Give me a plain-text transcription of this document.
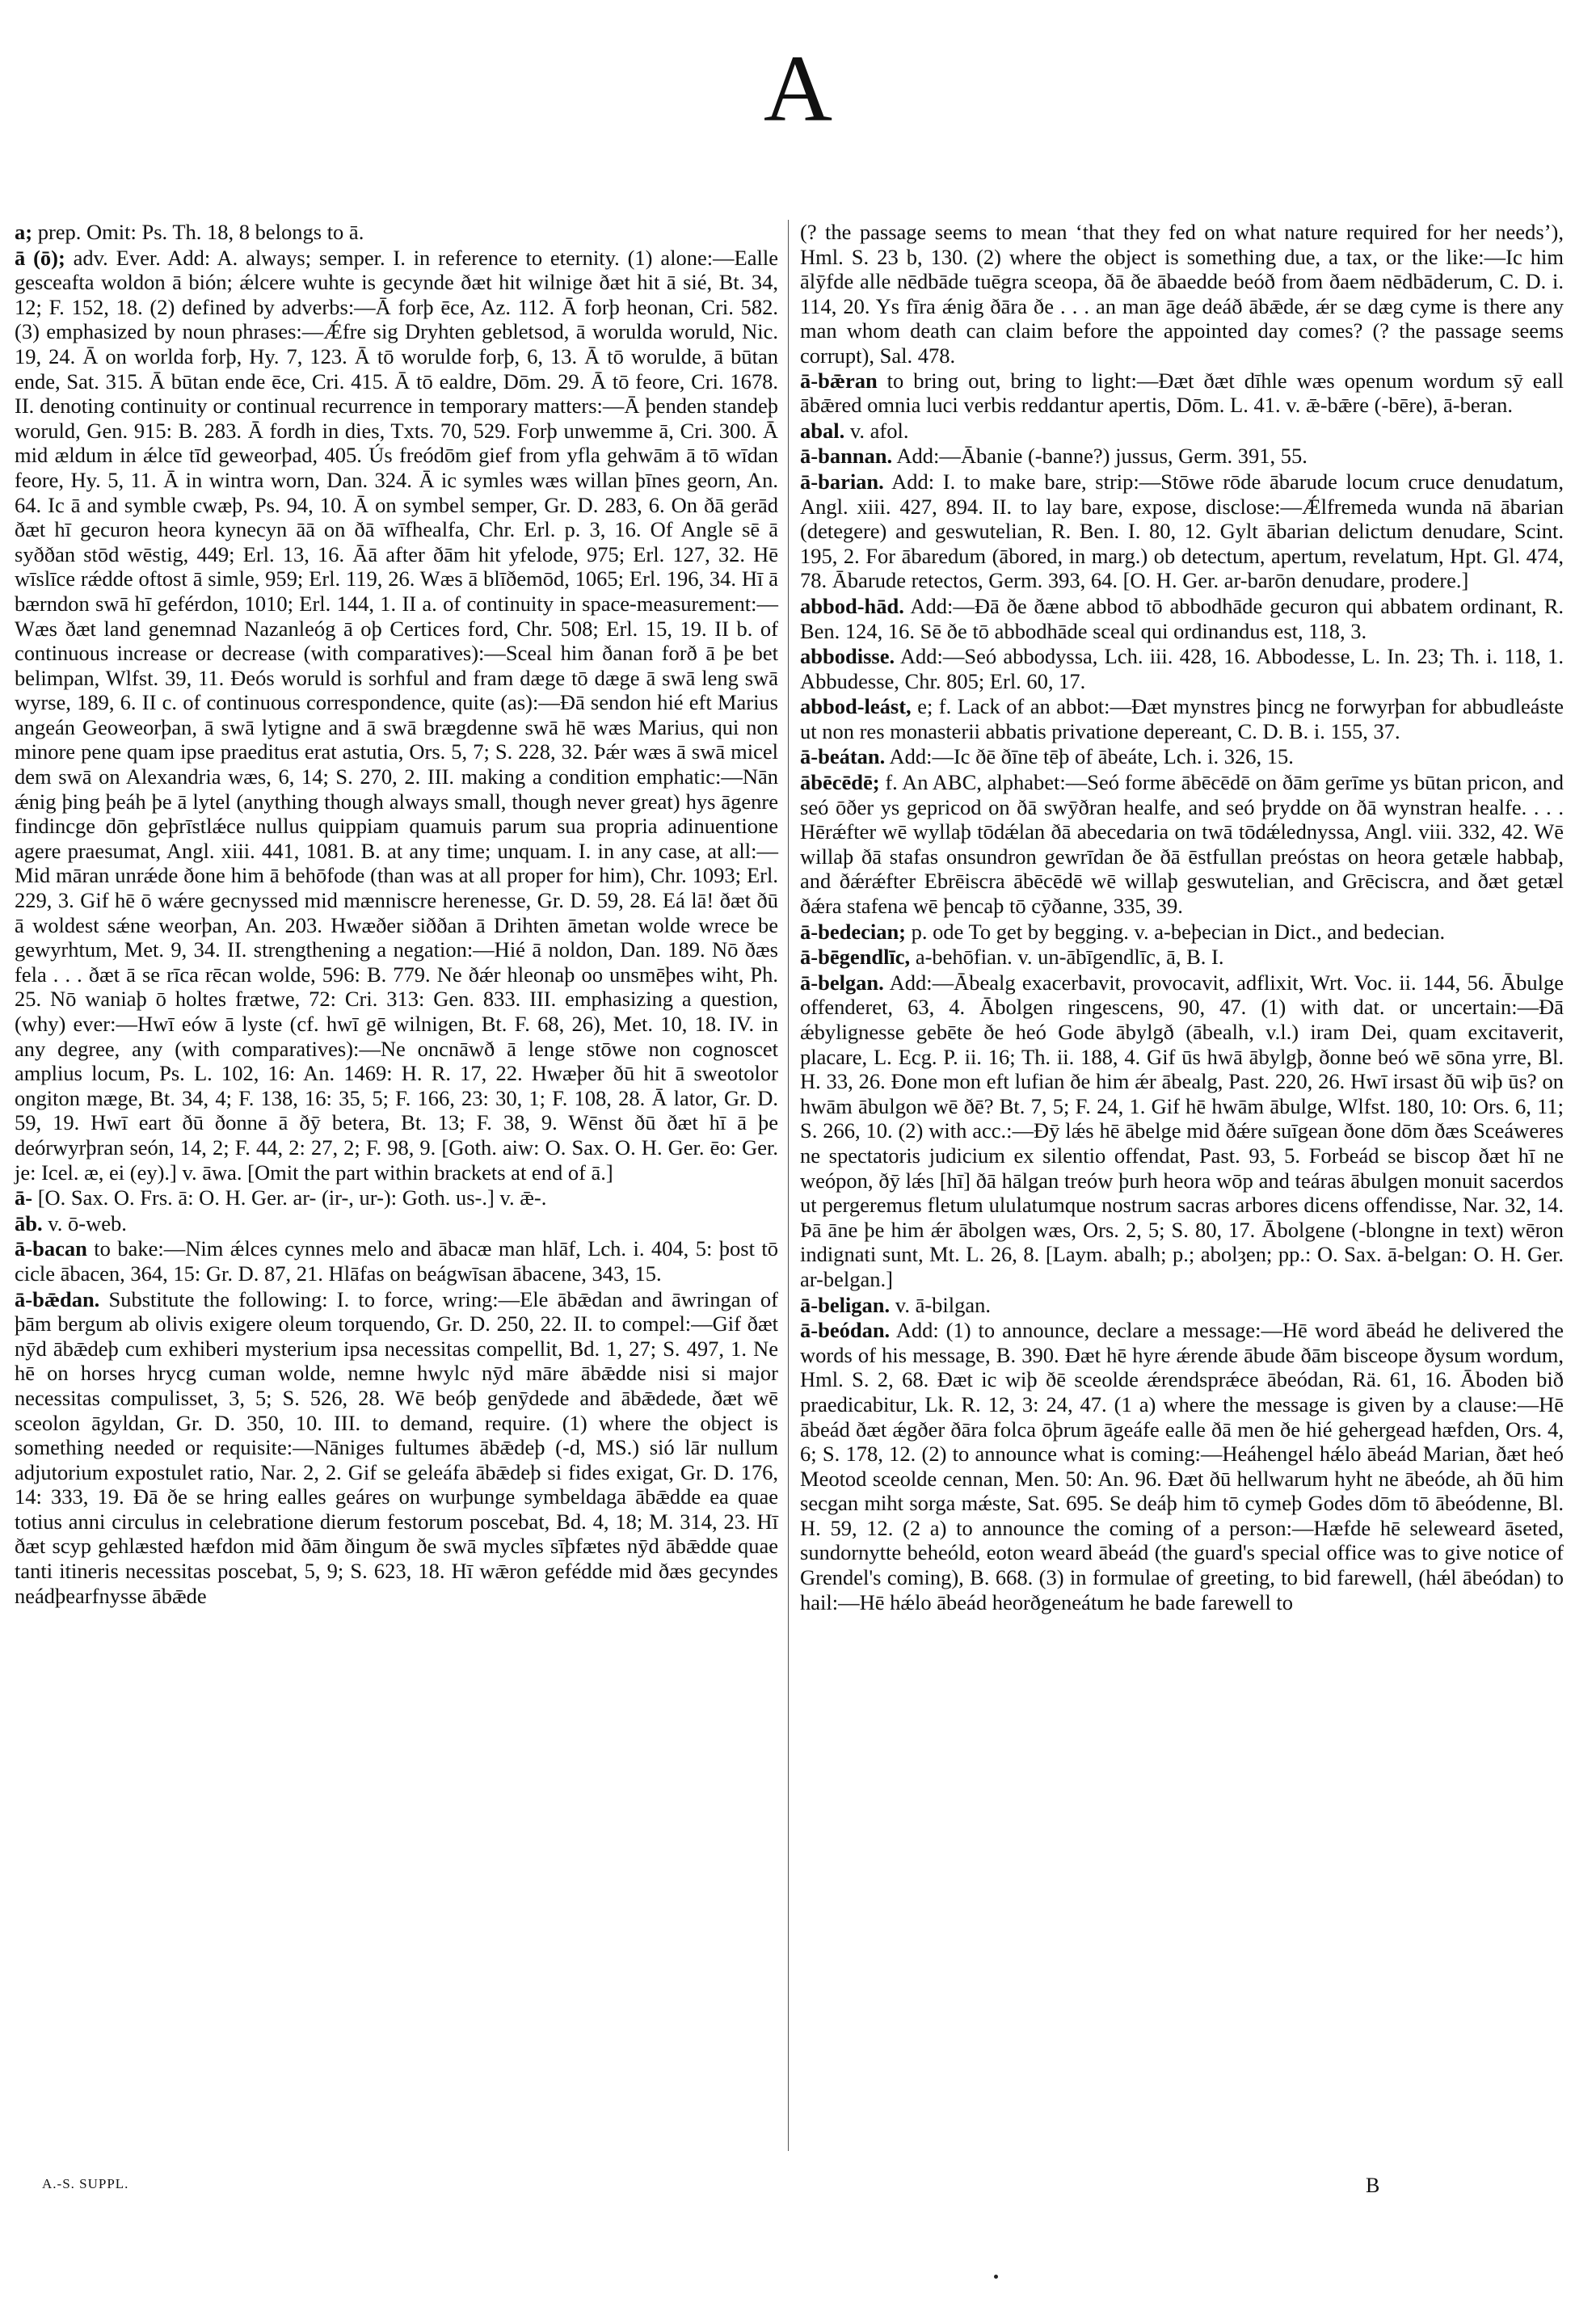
A

a; prep. Omit: Ps. Th. 18, 8 belongs to ā.

ā (ō); adv. Ever. Add: A. always; semper. I. in reference to eternity. (1) alone:—Ealle gesceafta woldon ā bión; ǽlcere wuhte is gecynde ðæt hit wilnige ðæt hit ā sié, Bt. 34, 12; F. 152, 18. (2) defined by adverbs:—Ā forþ ēce, Az. 112. Ā forþ heonan, Cri. 582. (3) emphasized by noun phrases:—Ǽfre sig Dryhten gebletsod, ā worulda woruld, Nic. 19, 24. Ā on worlda forþ, Hy. 7, 123. Ā tō worulde forþ, 6, 13. Ā tō worulde, ā būtan ende, Sat. 315. Ā būtan ende ēce, Cri. 415. Ā tō ealdre, Dōm. 29. Ā tō feore, Cri. 1678. II. denoting continuity or continual recurrence in temporary matters:—Ā þenden standeþ woruld, Gen. 915: B. 283. Ā fordh in dies, Txts. 70, 529. Forþ unwemme ā, Cri. 300. Ā mid ældum in ǽlce tīd geweorþad, 405. Ús freódōm gief from yfla gehwām ā tō wīdan feore, Hy. 5, 11. Ā in wintra worn, Dan. 324. Ā ic symles wæs willan þīnes georn, An. 64. Ic ā and symble cwæþ, Ps. 94, 10. Ā on symbel semper, Gr. D. 283, 6. On ðā gerād ðæt hī gecuron heora kynecyn āā on ðā wīfhealfa, Chr. Erl. p. 3, 16. Of Angle sē ā syððan stōd wēstig, 449; Erl. 13, 16. Āā after ðām hit yfelode, 975; Erl. 127, 32. Hē wīslīce rǽdde oftost ā simle, 959; Erl. 119, 26. Wæs ā blīðemōd, 1065; Erl. 196, 34. Hī ā bærndon swā hī geférdon, 1010; Erl. 144, 1. II a. of continuity in space-measurement:—Wæs ðæt land genemnad Nazanleóg ā oþ Certices ford, Chr. 508; Erl. 15, 19. II b. of continuous increase or decrease (with comparatives):—Sceal him ðanan forð ā þe bet belimpan, Wlfst. 39, 11. Ðeós woruld is sorhful and fram dæge tō dæge ā swā leng swā wyrse, 189, 6. II c. of continuous correspondence, quite (as):—Ðā sendon hié eft Marius angeán Geoweorþan, ā swā lytigne and ā swā brægdenne swā hē wæs Marius, qui non minore pene quam ipse praeditus erat astutia, Ors. 5, 7; S. 228, 32. Þǽr wæs ā swā micel dem swā on Alexandria wæs, 6, 14; S. 270, 2. III. making a condition emphatic:—Nān ǽnig þing þeáh þe ā lytel (anything though always small, though never great) hys āgenre findincge dōn geþrīstlǽce nullus quippiam quamuis parum sua propria adinuentione agere praesumat, Angl. xiii. 441, 1081. B. at any time; unquam. I. in any case, at all:—Mid māran unrǽde ðone him ā behōfode (than was at all proper for him), Chr. 1093; Erl. 229, 3. Gif hē ō wǽre gecnyssed mid mænniscre herenesse, Gr. D. 59, 28. Eá lā! ðæt ðū ā woldest sǽne weorþan, An. 203. Hwæðer siððan ā Drihten āmetan wolde wrece be gewyrhtum, Met. 9, 34. II. strengthening a negation:—Hié ā noldon, Dan. 189. Nō ðæs fela . . . ðæt ā se rīca rēcan wolde, 596: B. 779. Ne ðǽr hleonaþ oo unsmēþes wiht, Ph. 25. Nō waniaþ ō holtes frætwe, 72: Cri. 313: Gen. 833. III. emphasizing a question, (why) ever:—Hwī eów ā lyste (cf. hwī gē wilnigen, Bt. F. 68, 26), Met. 10, 18. IV. in any degree, any (with comparatives):—Ne oncnāwð ā lenge stōwe non cognoscet amplius locum, Ps. L. 102, 16: An. 1469: H. R. 17, 22. Hwæþer ðū hit ā sweotolor ongiton mæge, Bt. 34, 4; F. 138, 16: 35, 5; F. 166, 23: 30, 1; F. 108, 28. Ā lator, Gr. D. 59, 19. Hwī eart ðū ðonne ā ðȳ betera, Bt. 13; F. 38, 9. Wēnst ðū ðæt hī ā þe deórwyrþran seón, 14, 2; F. 44, 2: 27, 2; F. 98, 9. [Goth. aiw: O. Sax. O. H. Ger. ēo: Ger. je: Icel. æ, ei (ey).] v. āwa. [Omit the part within brackets at end of ā.]

ā- [O. Sax. O. Frs. ā: O. H. Ger. ar- (ir-, ur-): Goth. us-.] v. ǣ-.

āb. v. ō-web.

ā-bacan to bake:—Nim ǽlces cynnes melo and ābacæ man hlāf, Lch. i. 404, 5: þost tō cicle ābacen, 364, 15: Gr. D. 87, 21. Hlāfas on beágwīsan ābacene, 343, 15.

ā-bǣdan. Substitute the following: I. to force, wring:—Ele ābǣdan and āwringan of þām bergum ab olivis exigere oleum torquendo, Gr. D. 250, 22. II. to compel:—Gif ðæt nȳd ābǣdeþ cum exhiberi mysterium ipsa necessitas compellit, Bd. 1, 27; S. 497, 1. Ne hē on horses hrycg cuman wolde, nemne hwylc nȳd māre ābǣdde nisi si major necessitas compulisset, 3, 5; S. 526, 28. Wē beóþ genȳdede and ābǣdede, ðæt wē sceolon āgyldan, Gr. D. 350, 10. III. to demand, require. (1) where the object is something needed or requisite:—Nāniges fultumes ābǣdeþ (-d, MS.) sió lār nullum adjutorium expostulet ratio, Nar. 2, 2. Gif se geleáfa ābǣdeþ si fides exigat, Gr. D. 176, 14: 333, 19. Ðā ðe se hring ealles geáres on wurþunge symbeldaga ābǣdde ea quae totius anni circulus in celebratione dierum festorum poscebat, Bd. 4, 18; M. 314, 23. Hī ðæt scyp gehlæsted hæfdon mid ðām ðingum ðe swā mycles sīþfætes nȳd ābǣdde quae tanti itineris necessitas poscebat, 5, 9; S. 623, 18. Hī wǣron gefédde mid ðæs gecyndes neádþearfnysse ābǣde

(? the passage seems to mean ‘that they fed on what nature required for her needs’), Hml. S. 23 b, 130. (2) where the object is something due, a tax, or the like:—Ic him ālȳfde alle nēdbāde tuēgra sceopa, ðā ðe ābaedde beóð from ðaem nēdbāderum, C. D. i. 114, 20. Ys fīra ǽnig ðāra ðe . . . an man āge deáð ābǣde, ǽr se dæg cyme is there any man whom death can claim before the appointed day comes? (? the passage seems corrupt), Sal. 478.

ā-bǣran to bring out, bring to light:—Ðæt ðæt dīhle wæs openum wordum sȳ eall ābǣred omnia luci verbis reddantur apertis, Dōm. L. 41. v. ǣ-bǣre (-bēre), ā-beran.

abal. v. afol.

ā-bannan. Add:—Ābanie (-banne?) jussus, Germ. 391, 55.

ā-barian. Add: I. to make bare, strip:—Stōwe rōde ābarude locum cruce denudatum, Angl. xiii. 427, 894. II. to lay bare, expose, disclose:—Ǽlfremeda wunda nā ābarian (detegere) and geswutelian, R. Ben. I. 80, 12. Gylt ābarian delictum denudare, Scint. 195, 2. For ābaredum (ābored, in marg.) ob detectum, apertum, revelatum, Hpt. Gl. 474, 78. Ābarude retectos, Germ. 393, 64. [O. H. Ger. ar-barōn denudare, prodere.]

abbod-hād. Add:—Ðā ðe ðæne abbod tō abbodhāde gecuron qui abbatem ordinant, R. Ben. 124, 16. Sē ðe tō abbodhāde sceal qui ordinandus est, 118, 3.

abbodisse. Add:—Seó abbodyssa, Lch. iii. 428, 16. Abbodesse, L. In. 23; Th. i. 118, 1. Abbudesse, Chr. 805; Erl. 60, 17.

abbod-leást, e; f. Lack of an abbot:—Ðæt mynstres þincg ne forwyrþan for abbudleáste ut non res monasterii abbatis privatione depereant, C. D. B. i. 155, 37.

ā-beátan. Add:—Ic ðē ðīne tēþ of ābeáte, Lch. i. 326, 15.

ābēcēdē; f. An ABC, alphabet:—Seó forme ābēcēdē on ðām gerīme ys būtan pricon, and seó ōðer ys gepricod on ðā swȳðran healfe, and seó þrydde on ðā wynstran healfe. . . . Hērǽfter wē wyllaþ tōdǽlan ðā abecedaria on twā tōdǽlednyssa, Angl. viii. 332, 42. Wē willaþ ðā stafas onsundron gewrīdan ðe ðā ēstfullan preóstas on heora getæle habbaþ, and ðǽrǽfter Ebrēiscra ābēcēdē wē willaþ geswutelian, and Grēciscra, and ðæt getæl ðǽra stafena wē þencaþ tō cȳðanne, 335, 39.

ā-bedecian; p. ode To get by begging. v. a-beþecian in Dict., and bedecian.

ā-bēgendlīc, a-behōfian. v. un-ābīgendlīc, ā, B. I.

ā-belgan. Add:—Ābealg exacerbavit, provocavit, adflixit, Wrt. Voc. ii. 144, 56. Ābulge offenderet, 63, 4. Ābolgen ringescens, 90, 47. (1) with dat. or uncertain:—Ðā ǽbylignesse gebēte ðe heó Gode ābylgð (ābealh, v.l.) iram Dei, quam excitaverit, placare, L. Ecg. P. ii. 16; Th. ii. 188, 4. Gif ūs hwā ābylgþ, ðonne beó wē sōna yrre, Bl. H. 33, 26. Ðone mon eft lufian ðe him ǽr ābealg, Past. 220, 26. Hwī irsast ðū wiþ ūs? on hwām ābulgon wē ðē? Bt. 7, 5; F. 24, 1. Gif hē hwām ābulge, Wlfst. 180, 10: Ors. 6, 11; S. 266, 10. (2) with acc.:—Ðȳ lǽs hē ābelge mid ðǽre suīgean ðone dōm ðæs Sceáweres ne spectatoris judicium ex silentio offendat, Past. 93, 5. Forbeád se biscop ðæt hī ne weópon, ðȳ lǽs [hī] ðā hālgan treów þurh heora wōp and teáras ābulgen monuit sacerdos ut pergeremus fletum ululatumque nostrum sacras arbores dicens offendisse, Nar. 32, 14. Þā āne þe him ǽr ābolgen wæs, Ors. 2, 5; S. 80, 17. Ābolgene (-blongne in text) wēron indignati sunt, Mt. L. 26, 8. [Laym. abalh; p.; abolȝen; pp.: O. Sax. ā-belgan: O. H. Ger. ar-belgan.]

ā-beligan. v. ā-bilgan.

ā-beódan. Add: (1) to announce, declare a message:—Hē word ābeád he delivered the words of his message, B. 390. Ðæt hē hyre ǽrende ābude ðām bisceope ðysum wordum, Hml. S. 2, 68. Ðæt ic wiþ ðē sceolde ǽrendsprǽce ābeódan, Rä. 61, 16. Āboden bið praedicabitur, Lk. R. 12, 3: 24, 47. (1 a) where the message is given by a clause:—Hē ābeád ðæt ǽgðer ðāra folca ōþrum āgeáfe ealle ðā men ðe hié gehergead hæfden, Ors. 4, 6; S. 178, 12. (2) to announce what is coming:—Heáhengel hǽlo ābeád Marian, ðæt heó Meotod sceolde cennan, Men. 50: An. 96. Ðæt ðū hellwarum hyht ne ābeóde, ah ðū him secgan miht sorga mǽste, Sat. 695. Se deáþ him tō cymeþ Godes dōm tō ābeódenne, Bl. H. 59, 12. (2 a) to announce the coming of a person:—Hæfde hē seleweard āseted, sundornytte beheóld, eoton weard ābeád (the guard's special office was to give notice of Grendel's coming), B. 668. (3) in formulae of greeting, to bid farewell, (hǽl ābeódan) to hail:—Hē hǽlo ābeád heorðgeneátum he bade farewell to

A.-S. SUPPL.	B
